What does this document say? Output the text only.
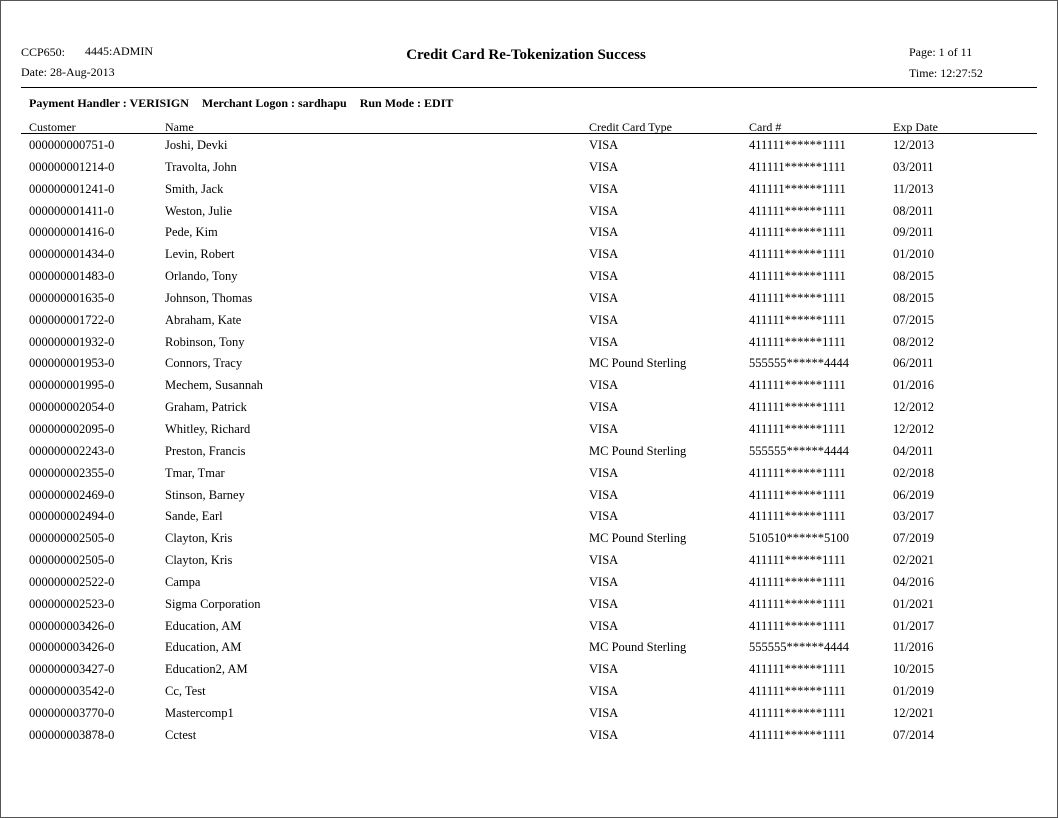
CCP650: 4445:ADMIN
Date: 28-Aug-2013
Credit Card Re-Tokenization Success	Page: 1 of 11
Time: 12:27:52
Payment Handler : VERISIGN Merchant Logon : sardhapu Run Mode : EDIT
Customer	Name	Credit Card Type	Card #	Exp Date
000000000751-0	Joshi, Devki	VISA	411111******1111	12/2013
000000001214-0	Travolta, John	VISA	411111******1111	03/2011
000000001241-0	Smith, Jack	VISA	411111******1111	11/2013
000000001411-0	Weston, Julie	VISA	411111******1111	08/2011
000000001416-0	Pede, Kim	VISA	411111******1111	09/2011
000000001434-0	Levin, Robert	VISA	411111******1111	01/2010
000000001483-0	Orlando, Tony	VISA	411111******1111	08/2015
000000001635-0	Johnson, Thomas	VISA	411111******1111	08/2015
000000001722-0	Abraham, Kate	VISA	411111******1111	07/2015
000000001932-0	Robinson, Tony	VISA	411111******1111	08/2012
000000001953-0	Connors, Tracy	MC Pound Sterling	555555******4444	06/2011
000000001995-0	Mechem, Susannah	VISA	411111******1111	01/2016
000000002054-0	Graham, Patrick	VISA	411111******1111	12/2012
000000002095-0	Whitley, Richard	VISA	411111******1111	12/2012
000000002243-0	Preston, Francis	MC Pound Sterling	555555******4444	04/2011
000000002355-0	Tmar, Tmar	VISA	411111******1111	02/2018
000000002469-0	Stinson, Barney	VISA	411111******1111	06/2019
000000002494-0	Sande, Earl	VISA	411111******1111	03/2017
000000002505-0	Clayton, Kris	MC Pound Sterling	510510******5100	07/2019
000000002505-0	Clayton, Kris	VISA	411111******1111	02/2021
000000002522-0	Campa	VISA	411111******1111	04/2016
000000002523-0	Sigma Corporation	VISA	411111******1111	01/2021
000000003426-0	Education, AM	VISA	411111******1111	01/2017
000000003426-0	Education, AM	MC Pound Sterling	555555******4444	11/2016
000000003427-0	Education2, AM	VISA	411111******1111	10/2015
000000003542-0	Cc, Test	VISA	411111******1111	01/2019
000000003770-0	Mastercomp1	VISA	411111******1111	12/2021
000000003878-0	Cctest	VISA	411111******1111	07/2014
